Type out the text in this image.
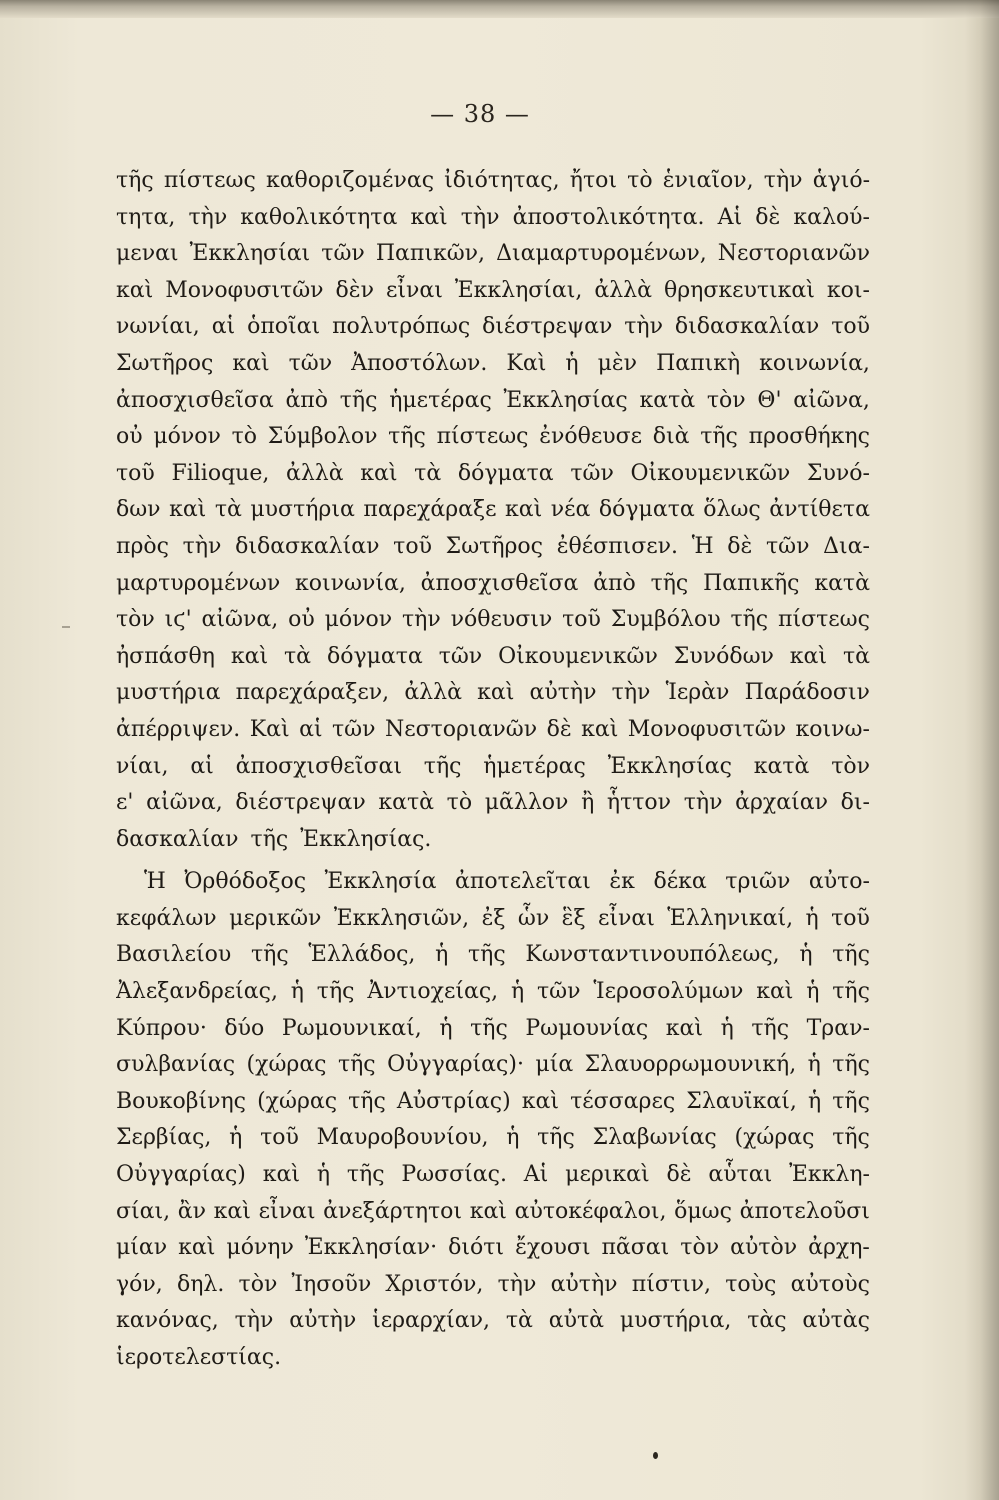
— 38 —
τῆς πίστεως καθοριζομένας ἰδιότητας, ἤτοι τὸ ἑνιαῖον, τὴν ἁγιό-
τητα, τὴν καθολικότητα καὶ τὴν ἀποστολικότητα. Αἱ δὲ καλού-
μεναι Ἐκκλησίαι τῶν Παπικῶν, Διαμαρτυρομένων, Νεστοριανῶν
καὶ Μονοφυσιτῶν δὲν εἶναι Ἐκκλησίαι, ἀλλὰ θρησκευτικαὶ κοι-
νωνίαι, αἱ ὁποῖαι πολυτρόπως διέστρεψαν τὴν διδασκαλίαν τοῦ
Σωτῆρος καὶ τῶν Ἀποστόλων. Καὶ ἡ μὲν Παπικὴ κοινωνία,
ἀποσχισθεῖσα ἀπὸ τῆς ἡμετέρας Ἐκκλησίας κατὰ τὸν Θ' αἰῶνα,
οὐ μόνον τὸ Σύμβολον τῆς πίστεως ἐνόθευσε διὰ τῆς προσθήκης
τοῦ Filioque, ἀλλὰ καὶ τὰ δόγματα τῶν Οἰκουμενικῶν Συνό-
δων καὶ τὰ μυστήρια παρεχάραξε καὶ νέα δόγματα ὅλως ἀντίθετα
πρὸς τὴν διδασκαλίαν τοῦ Σωτῆρος ἐθέσπισεν. Ἡ δὲ τῶν Δια-
μαρτυρομένων κοινωνία, ἀποσχισθεῖσα ἀπὸ τῆς Παπικῆς κατὰ
τὸν ιϛ' αἰῶνα, οὐ μόνον τὴν νόθευσιν τοῦ Συμβόλου τῆς πίστεως
ἠσπάσθη καὶ τὰ δόγματα τῶν Οἰκουμενικῶν Συνόδων καὶ τὰ
μυστήρια παρεχάραξεν, ἀλλὰ καὶ αὐτὴν τὴν Ἱερὰν Παράδοσιν
ἀπέρριψεν. Καὶ αἱ τῶν Νεστοριανῶν δὲ καὶ Μονοφυσιτῶν κοινω-
νίαι, αἱ ἀποσχισθεῖσαι τῆς ἡμετέρας Ἐκκλησίας κατὰ τὸν
ε' αἰῶνα, διέστρεψαν κατὰ τὸ μᾶλλον ἢ ἧττον τὴν ἀρχαίαν δι-
δασκαλίαν τῆς Ἐκκλησίας.
Ἡ Ὀρθόδοξος Ἐκκλησία ἀποτελεῖται ἐκ δέκα τριῶν αὐτο-
κεφάλων μερικῶν Ἐκκλησιῶν, ἐξ ὧν ἓξ εἶναι Ἑλληνικαί, ἡ τοῦ
Βασιλείου τῆς Ἑλλάδος, ἡ τῆς Κωνσταντινουπόλεως, ἡ τῆς
Ἀλεξανδρείας, ἡ τῆς Ἀντιοχείας, ἡ τῶν Ἱεροσολύμων καὶ ἡ τῆς
Κύπρου· δύο Ρωμουνικαί, ἡ τῆς Ρωμουνίας καὶ ἡ τῆς Τραν-
συλβανίας (χώρας τῆς Οὐγγαρίας)· μία Σλαυορρωμουνική, ἡ τῆς
Βουκοβίνης (χώρας τῆς Αὐστρίας) καὶ τέσσαρες Σλαυϊκαί, ἡ τῆς
Σερβίας, ἡ τοῦ Μαυροβουνίου, ἡ τῆς Σλαβωνίας (χώρας τῆς
Οὐγγαρίας) καὶ ἡ τῆς Ρωσσίας. Αἱ μερικαὶ δὲ αὗται Ἐκκλη-
σίαι, ἂν καὶ εἶναι ἀνεξάρτητοι καὶ αὐτοκέφαλοι, ὅμως ἀποτελοῦσι
μίαν καὶ μόνην Ἐκκλησίαν· διότι ἔχουσι πᾶσαι τὸν αὐτὸν ἀρχη-
γόν, δηλ. τὸν Ἰησοῦν Χριστόν, τὴν αὐτὴν πίστιν, τοὺς αὐτοὺς
κανόνας, τὴν αὐτὴν ἱεραρχίαν, τὰ αὐτὰ μυστήρια, τὰς αὐτὰς
ἱεροτελεστίας.
